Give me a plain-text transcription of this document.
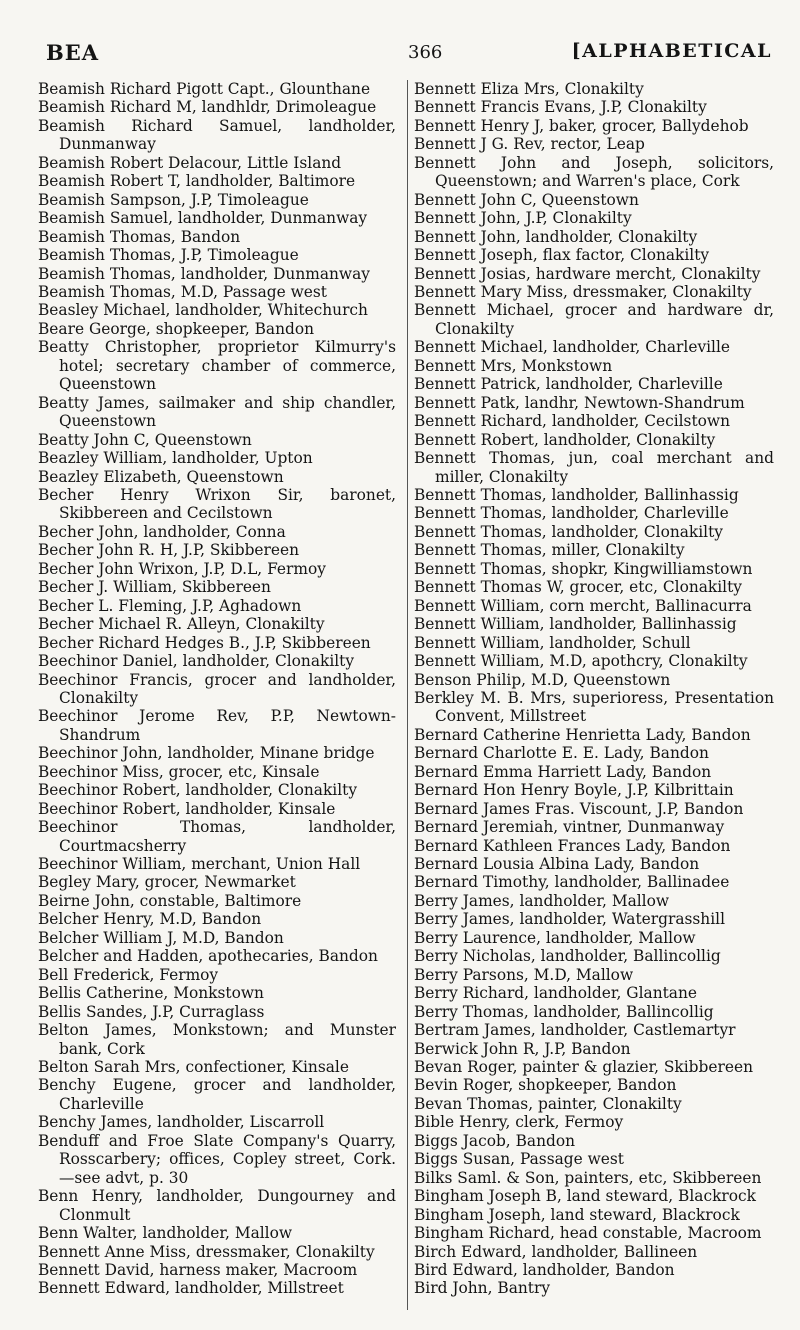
BEA	366	[ALPHABETICAL
Beamish Richard Pigott Capt., Glounthane
Beamish Richard M, landhldr, Drimoleague
Beamish Richard Samuel, landholder, Dunmanway
Beamish Robert Delacour, Little Island
Beamish Robert T, landholder, Baltimore
Beamish Sampson, J.P, Timoleague
Beamish Samuel, landholder, Dunmanway
Beamish Thomas, Bandon
Beamish Thomas, J.P, Timoleague
Beamish Thomas, landholder, Dunmanway
Beamish Thomas, M.D, Passage west
Beasley Michael, landholder, Whitechurch
Beare George, shopkeeper, Bandon
Beatty Christopher, proprietor Kilmurry's hotel; secretary chamber of commerce, Queenstown
Beatty James, sailmaker and ship chandler, Queenstown
Beatty John C, Queenstown
Beazley William, landholder, Upton
Beazley Elizabeth, Queenstown
Becher Henry Wrixon Sir, baronet, Skibbereen and Cecilstown
Becher John, landholder, Conna
Becher John R. H, J.P, Skibbereen
Becher John Wrixon, J.P, D.L, Fermoy
Becher J. William, Skibbereen
Becher L. Fleming, J.P, Aghadown
Becher Michael R. Alleyn, Clonakilty
Becher Richard Hedges B., J.P, Skibbereen
Beechinor Daniel, landholder, Clonakilty
Beechinor Francis, grocer and landholder, Clonakilty
Beechinor Jerome Rev, P.P, Newtown-Shandrum
Beechinor John, landholder, Minane bridge
Beechinor Miss, grocer, etc, Kinsale
Beechinor Robert, landholder, Clonakilty
Beechinor Robert, landholder, Kinsale
Beechinor Thomas, landholder, Courtmacsherry
Beechinor William, merchant, Union Hall
Begley Mary, grocer, Newmarket
Beirne John, constable, Baltimore
Belcher Henry, M.D, Bandon
Belcher William J, M.D, Bandon
Belcher and Hadden, apothecaries, Bandon
Bell Frederick, Fermoy
Bellis Catherine, Monkstown
Bellis Sandes, J.P, Curraglass
Belton James, Monkstown; and Munster bank, Cork
Belton Sarah Mrs, confectioner, Kinsale
Benchy Eugene, grocer and landholder, Charleville
Benchy James, landholder, Liscarroll
Benduff and Froe Slate Company's Quarry, Rosscarbery; offices, Copley street, Cork. —see advt, p. 30
Benn Henry, landholder, Dungourney and Clonmult
Benn Walter, landholder, Mallow
Bennett Anne Miss, dressmaker, Clonakilty
Bennett David, harness maker, Macroom
Bennett Edward, landholder, Millstreet
Bennett Eliza Mrs, Clonakilty
Bennett Francis Evans, J.P, Clonakilty
Bennett Henry J, baker, grocer, Ballydehob
Bennett J G. Rev, rector, Leap
Bennett John and Joseph, solicitors, Queenstown; and Warren's place, Cork
Bennett John C, Queenstown
Bennett John, J.P, Clonakilty
Bennett John, landholder, Clonakilty
Bennett Joseph, flax factor, Clonakilty
Bennett Josias, hardware mercht, Clonakilty
Bennett Mary Miss, dressmaker, Clonakilty
Bennett Michael, grocer and hardware dr, Clonakilty
Bennett Michael, landholder, Charleville
Bennett Mrs, Monkstown
Bennett Patrick, landholder, Charleville
Bennett Patk, landhr, Newtown-Shandrum
Bennett Richard, landholder, Cecilstown
Bennett Robert, landholder, Clonakilty
Bennett Thomas, jun, coal merchant and miller, Clonakilty
Bennett Thomas, landholder, Ballinhassig
Bennett Thomas, landholder, Charleville
Bennett Thomas, landholder, Clonakilty
Bennett Thomas, miller, Clonakilty
Bennett Thomas, shopkr, Kingwilliamstown
Bennett Thomas W, grocer, etc, Clonakilty
Bennett William, corn mercht, Ballinacurra
Bennett William, landholder, Ballinhassig
Bennett William, landholder, Schull
Bennett William, M.D, apothcry, Clonakilty
Benson Philip, M.D, Queenstown
Berkley M. B. Mrs, superioress, Presentation Convent, Millstreet
Bernard Catherine Henrietta Lady, Bandon
Bernard Charlotte E. E. Lady, Bandon
Bernard Emma Harriett Lady, Bandon
Bernard Hon Henry Boyle, J.P, Kilbrittain
Bernard James Fras. Viscount, J.P, Bandon
Bernard Jeremiah, vintner, Dunmanway
Bernard Kathleen Frances Lady, Bandon
Bernard Lousia Albina Lady, Bandon
Bernard Timothy, landholder, Ballinadee
Berry James, landholder, Mallow
Berry James, landholder, Watergrasshill
Berry Laurence, landholder, Mallow
Berry Nicholas, landholder, Ballincollig
Berry Parsons, M.D, Mallow
Berry Richard, landholder, Glantane
Berry Thomas, landholder, Ballincollig
Bertram James, landholder, Castlemartyr
Berwick John R, J.P, Bandon
Bevan Roger, painter & glazier, Skibbereen
Bevin Roger, shopkeeper, Bandon
Bevan Thomas, painter, Clonakilty
Bible Henry, clerk, Fermoy
Biggs Jacob, Bandon
Biggs Susan, Passage west
Bilks Saml. & Son, painters, etc, Skibbereen
Bingham Joseph B, land steward, Blackrock
Bingham Joseph, land steward, Blackrock
Bingham Richard, head constable, Macroom
Birch Edward, landholder, Ballineen
Bird Edward, landholder, Bandon
Bird John, Bantry
